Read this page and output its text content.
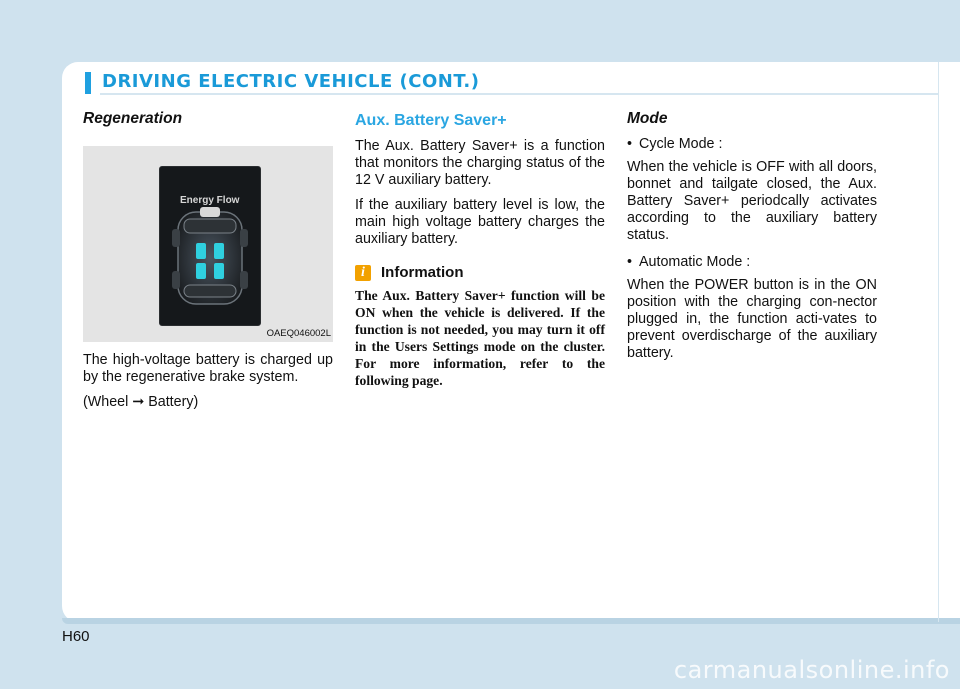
DRIVING ELECTRIC VEHICLE (CONT.)
Regeneration
Energy Flow
OAEQ046002L

The high-voltage battery is charged up by the regenerative brake system.

(Wheel ➞ Battery)

Aux. Battery Saver+

The Aux. Battery Saver+ is a function that monitors the charging status of the 12 V auxiliary battery.

If the auxiliary battery level is low, the main high voltage battery charges the auxiliary battery.

i	Information

The Aux. Battery Saver+ function will be ON when the vehicle is delivered. If the function is not needed, you may turn it off in the Users Settings mode on the cluster. For more information, refer to the following page.

Mode
• Cycle Mode :

When the vehicle is OFF with all doors, bonnet and tailgate closed, the Aux. Battery Saver+ periodcally activates according to the auxiliary battery status.

• Automatic Mode :

When the POWER button is in the ON position with the charging con-nector plugged in, the function acti-vates to prevent overdischarge of the auxiliary battery.

H60
carmanualsonline.info
